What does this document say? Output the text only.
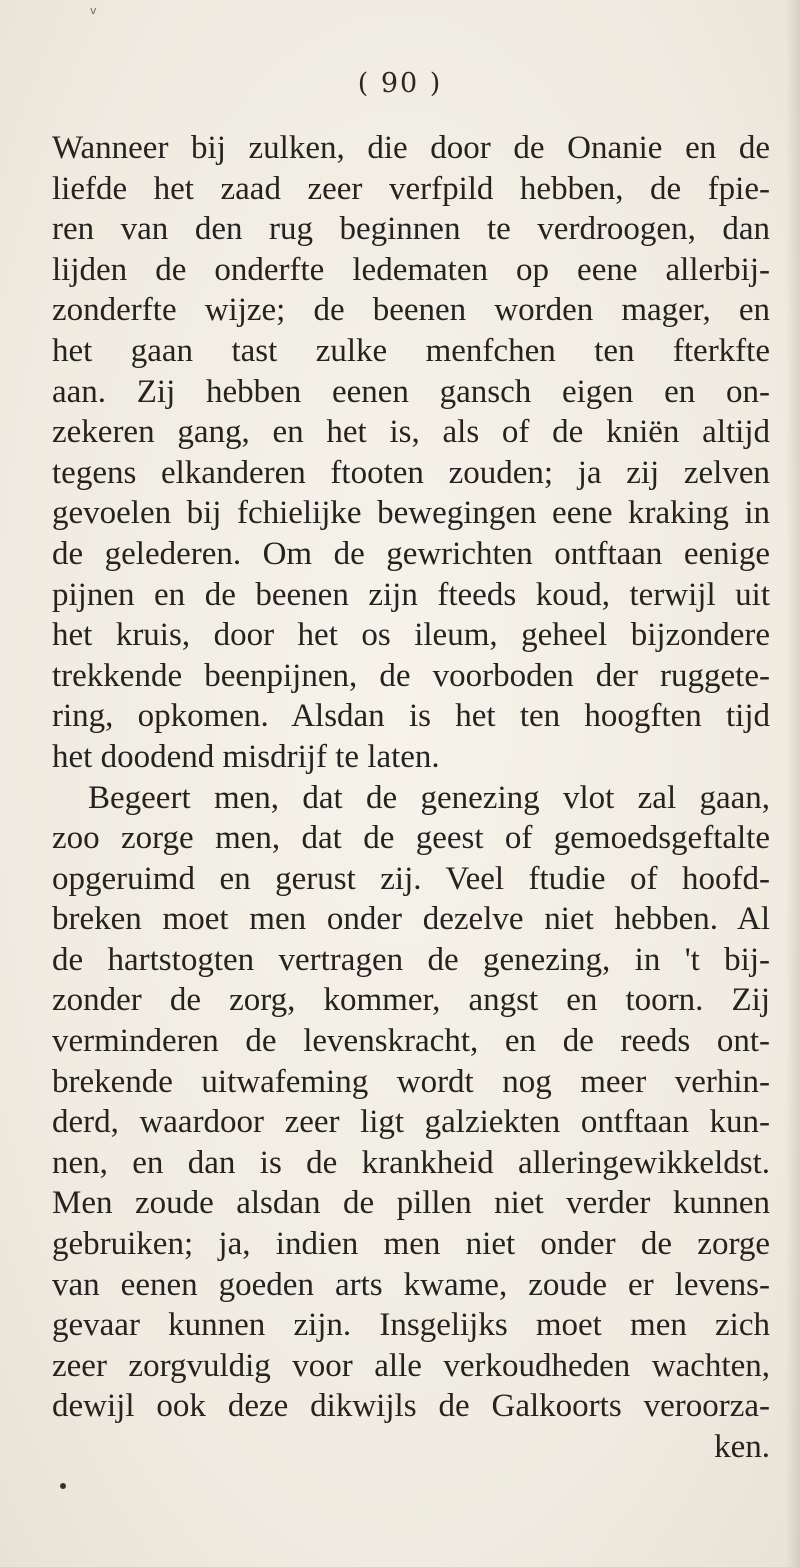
v
( 90 )
Wanneer bij zulken, die door de Onanie en de
liefde het zaad zeer verfpild hebben, de fpie-
ren van den rug beginnen te verdroogen, dan
lijden de onderfte ledematen op eene allerbij-
zonderfte wijze; de beenen worden mager, en
het gaan tast zulke menfchen ten fterkfte
aan. Zij hebben eenen gansch eigen en on-
zekeren gang, en het is, als of de kniën altijd
tegens elkanderen ftooten zouden; ja zij zelven
gevoelen bij fchielijke bewegingen eene kraking in
de gelederen. Om de gewrichten ontftaan eenige
pijnen en de beenen zijn fteeds koud, terwijl uit
het kruis, door het os ileum, geheel bijzondere
trekkende beenpijnen, de voorboden der ruggete-
ring, opkomen. Alsdan is het ten hoogften tijd
het doodend misdrijf te laten.
Begeert men, dat de genezing vlot zal gaan,
zoo zorge men, dat de geest of gemoedsgeftalte
opgeruimd en gerust zij. Veel ftudie of hoofd-
breken moet men onder dezelve niet hebben. Al
de hartstogten vertragen de genezing, in 't bij-
zonder de zorg, kommer, angst en toorn. Zij
verminderen de levenskracht, en de reeds ont-
brekende uitwafeming wordt nog meer verhin-
derd, waardoor zeer ligt galziekten ontftaan kun-
nen, en dan is de krankheid alleringewikkeldst.
Men zoude alsdan de pillen niet verder kunnen
gebruiken; ja, indien men niet onder de zorge
van eenen goeden arts kwame, zoude er levens-
gevaar kunnen zijn. Insgelijks moet men zich
zeer zorgvuldig voor alle verkoudheden wachten,
dewijl ook deze dikwijls de Galkoorts veroorza-
ken.
